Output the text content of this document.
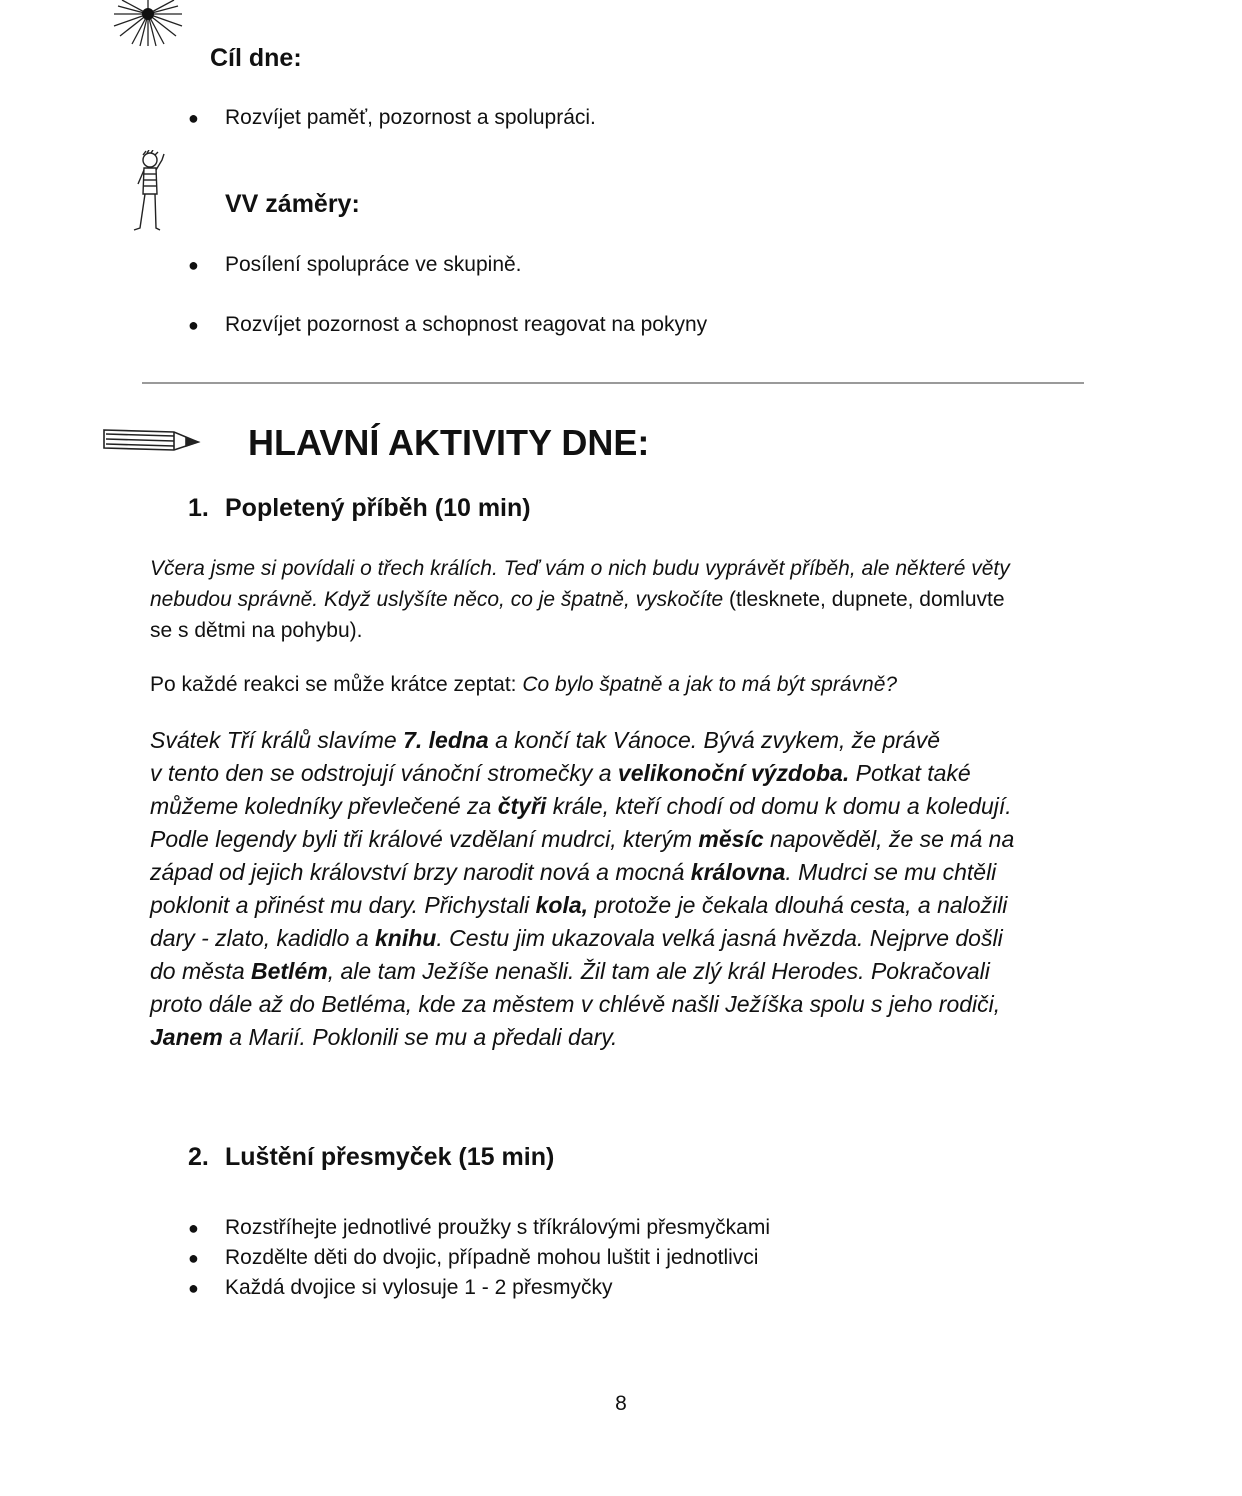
Cíl dne:
●	Rozvíjet paměť, pozornost a spolupráci.
VV záměry:
●	Posílení spolupráce ve skupině.
●	Rozvíjet pozornost a schopnost reagovat na pokyny
HLAVNÍ AKTIVITY DNE:
1. Popletený příběh (10 min)
Včera jsme si povídali o třech králích. Teď vám o nich budu vyprávět příběh, ale některé věty
nebudou správně. Když uslyšíte něco, co je špatně, vyskočíte (tlesknete, dupnete, domluvte
se s dětmi na pohybu).
Po každé reakci se může krátce zeptat: Co bylo špatně a jak to má být správně?
Svátek Tří králů slavíme 7. ledna a končí tak Vánoce. Bývá zvykem, že právě
v tento den se odstrojují vánoční stromečky a velikonoční výzdoba. Potkat také
můžeme koledníky převlečené za čtyři krále, kteří chodí od domu k domu a koledují.
Podle legendy byli tři králové vzdělaní mudrci, kterým měsíc napověděl, že se má na
západ od jejich království brzy narodit nová a mocná královna. Mudrci se mu chtěli
poklonit a přinést mu dary. Přichystali kola, protože je čekala dlouhá cesta, a naložili
dary - zlato, kadidlo a knihu. Cestu jim ukazovala velká jasná hvězda. Nejprve došli
do města Betlém, ale tam Ježíše nenašli. Žil tam ale zlý král Herodes. Pokračovali
proto dále až do Betléma, kde za městem v chlévě našli Ježíška spolu s jeho rodiči,
Janem a Marií. Poklonili se mu a předali dary.
2. Luštění přesmyček (15 min)
●	Rozstříhejte jednotlivé proužky s tříkrálovými přesmyčkami
●	Rozdělte děti do dvojic, případně mohou luštit i jednotlivci
●	Každá dvojice si vylosuje 1 - 2 přesmyčky
8
